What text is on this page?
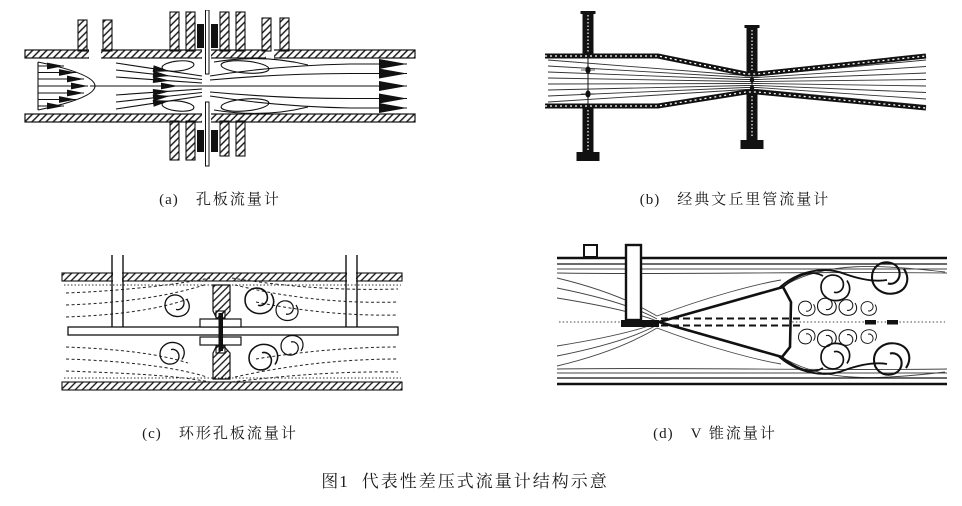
(a) 孔板流量计	(b) 经典文丘里管流量计
(c) 环形孔板流量计	(d) V 锥流量计
图1 代表性差压式流量计结构示意
